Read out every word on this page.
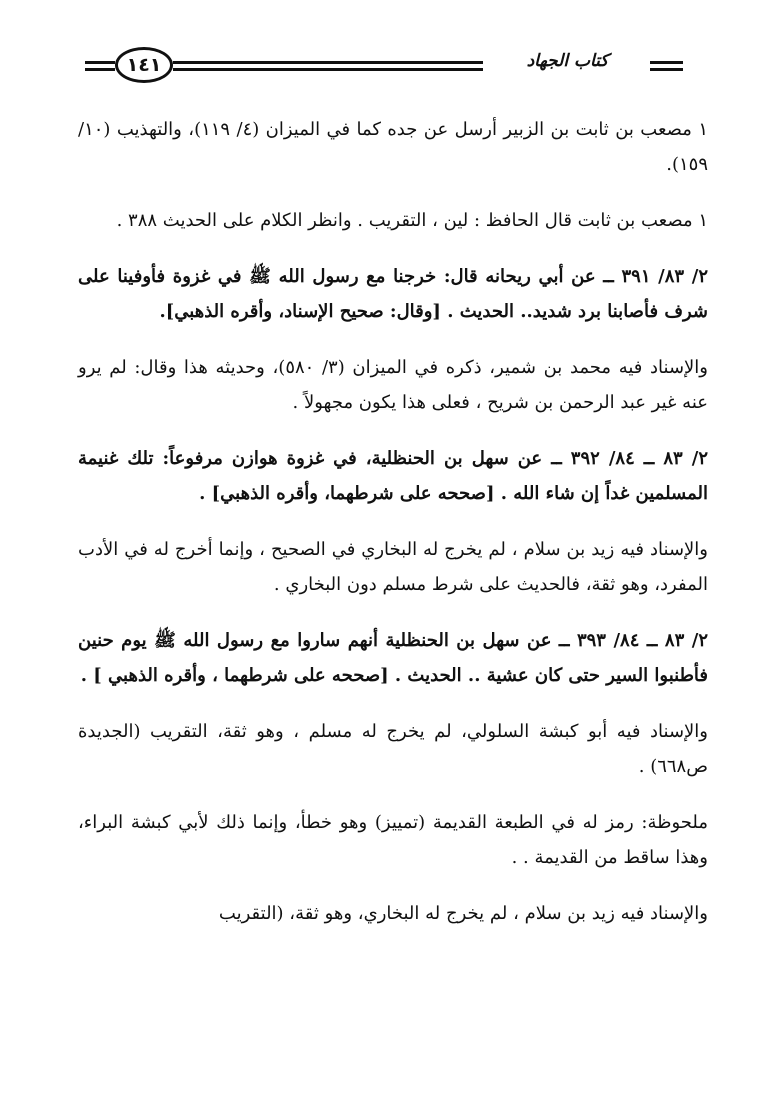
١٤١	كتاب الجهاد

١ مصعب بن ثابت بن الزبير أرسل عن جده كما في الميزان (٤/ ١١٩)، والتهذيب (١٠/ ١٥٩).

١ مصعب بن ثابت قال الحافظ : لين ، التقريب . وانظر الكلام على الحديث ٣٨٨ .

٢/ ٨٣/ ٣٩١ ــ عن أبي ريحانه قال: خرجنا مع رسول الله ﷺ في غزوة فأوفينا على شرف فأصابنا برد شديد.. الحديث . [وقال: صحيح الإسناد، وأقره الذهبي].

والإسناد فيه محمد بن شمير، ذكره في الميزان (٣/ ٥٨٠)، وحديثه هذا وقال: لم يرو عنه غير عبد الرحمن بن شريح ، فعلى هذا يكون مجهولاً .

٢/ ٨٣ ــ ٨٤/ ٣٩٢ ــ عن سهل بن الحنظلية، في غزوة هوازن مرفوعاً: تلك غنيمة المسلمين غداً إن شاء الله . [صححه على شرطهما، وأقره الذهبي] .

والإسناد فيه زيد بن سلام ، لم يخرج له البخاري في الصحيح ، وإنما أخرج له في الأدب المفرد، وهو ثقة، فالحديث على شرط مسلم دون البخاري .

٢/ ٨٣ ــ ٨٤/ ٣٩٣ ــ عن سهل بن الحنظلية أنهم ساروا مع رسول الله ﷺ يوم حنين فأطنبوا السير حتى كان عشية .. الحديث . [صححه على شرطهما ، وأقره الذهبي ] .

والإسناد فيه أبو كبشة السلولي، لم يخرج له مسلم ، وهو ثقة، التقريب (الجديدة ص٦٦٨) .

ملحوظة: رمز له في الطبعة القديمة (تمييز) وهو خطأ، وإنما ذلك لأبي كبشة البراء، وهذا ساقط من القديمة . .

والإسناد فيه زيد بن سلام ، لم يخرج له البخاري، وهو ثقة، (التقريب
